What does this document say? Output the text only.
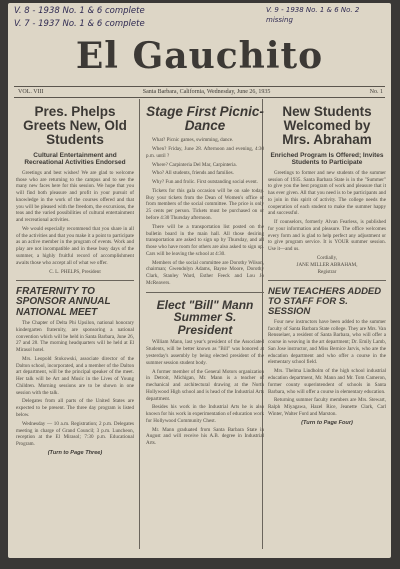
V. 8 - 1938 No. 1 & 6 complete
V. 7 - 1937 No. 1 & 6 complete
V. 9 - 1938 No. 1 & 6 No. 2 missing
El Gauchito
VOL. VIII	Santa Barbara, California, Wednesday, June 26, 1935	No. 1
Pres. Phelps Greets New, Old Students
Cultural Entertainment and Recreational Activities Endorsed

Greetings and best wishes! We are glad to welcome those who are returning to the campus and to see the many new faces here for this session. We hope that you will find both pleasure and profit in your pursuit of knowledge in the work of the courses offered and that you will be pleased with the freedom, the excursions, the teas and the varied possibilities of cultural entertainment and recreational activities.

We would especially recommend that you share in all of the activities and that you make it a point to participate as an active member in the program of events. Work and play are not incompatible and in these busy days of the summer, a highly fruitful record of accomplishment awaits those who accept all of what we offer.

C. L. PHELPS, President
FRATERNITY TO SPONSOR ANNUAL NATIONAL MEET

The Chapter of Delta Phi Upsilon, national honorary kindergarten fraternity, are sponsoring a national convention which will be held in Santa Barbara, June 26, 27 and 28. The morning headquarters will be held at El Mirasol hotel.

Mrs. Leopold Stokowski, associate director of the Dalton school, incorporated, and a member of the Dalton art department, will be the principal speaker of the meet. Her talk will be Art and Music in the Lives of Young Children. Morning sessions are to be shown in one session with the talk.

Delegates from all parts of the United States are expected to be present. The three day program is listed below.

Wednesday — 10 a.m. Registration; 2 p.m. Delegates meeting in charge of Grand Council; 3 p.m. Luncheon, reception at the El Mirasol; 7:30 p.m. Educational Program.

(Turn to Page Three)
Stage First Picnic-Dance

What? Picnic games, swimming, dance.

When? Friday, June 28. Afternoon and evening, 4:30 p.m. until ?

Where? Carpinteria Del Mar, Carpinteria.

Who? All students, friends and families.

Why? Fun and frolic. First outstanding social event.

Tickets for this gala occasion will be on sale today. Buy your tickets from the Dean of Women's office or from members of the social committee. The price is only 25 cents per person. Tickets must be purchased on or before 4:30 Thursday afternoon.

There will be a transportation list posted on the bulletin board in the main hall. All those desiring transportation are asked to sign up by Thursday, and all those who have room for others are also asked to sign up. Cars will be leaving the school at 4:30.

Members of the social committee are Dorothy Wilson, chairman; Gwendolyn Adams, Bayne Moore, Dorothy Clark, Stanley Ward, Esther Feeck and Lou Jo McReavers.

Elect "Bill" Mann Summer S. President

William Mann, last year's president of the Associated Students, will be better known as "Bill" was honored at yesterday's assembly by being elected president of the summer session student body.

A former member of the General Motors organization in Detroit, Michigan, Mr. Mann is a teacher of mechanical and architectural drawing at the North Hollywood High school and is head of the Industrial Arts department.

Besides his work in the Industrial Arts he is also known for his work in experimentation of education work for Hollywood Community Chest.

Mr. Mann graduated from Santa Barbara State in August and will receive his A.B. degree in Industrial Arts.

New Students Welcomed by Mrs. Abraham
Enriched Program Is Offered; Invites Students to Participate

Greetings to former and new students of the summer session of 1935. Santa Barbara State is in the "Summer" to give you the best program of work and pleasure that it has ever given. All that you need is to be participants and to join in this spirit of activity. The college needs the cooperation of each student to make the summer happy and successful.

If counselors, formerly Alvan Fearless, is published for your information and pleasure. The office welcomes every form and is glad to help perfect any adjustment or to give program service. It is YOUR summer session. Use it—and us.

Cordially,
JANE MILLER ABRAHAM,
Registrar
NEW TEACHERS ADDED TO STAFF FOR S. SESSION

Four new instructors have been added to the summer faculty of Santa Barbara State college. They are Mrs. Van Rensselaer, a resident of Santa Barbara, who will offer a course in weaving in the art department; Dr. Emily Lamb, San Jose instructor, and Miss Bernice Jarvis, who are the education department and who offer a course in the elementary school field.

Mrs. Thelma Lindholm of the high school industrial education department, Mr. Mann and Mr. Tom Cameron, former county superintendent of schools in Santa Barbara, who will offer a course in elementary education.

Returning summer faculty members are Mrs. Stewart, Ralph Miyagawa, Hazel Rice, Jeanette Clark, Carl Winter, Walter Ford and Marston.

(Turn to Page Four)
